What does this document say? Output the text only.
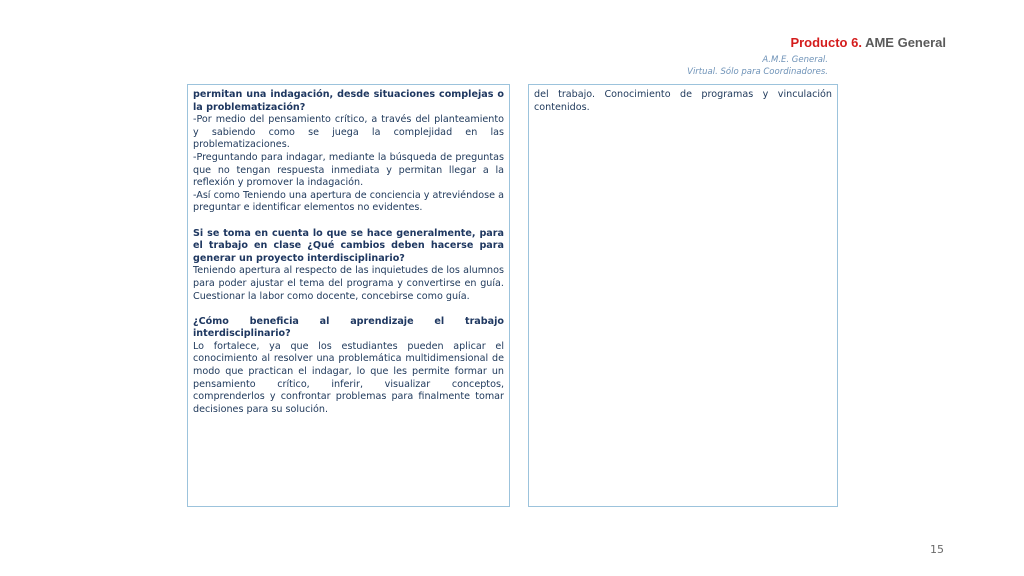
Producto 6. AME General
A.M.E. General.
Virtual. Sólo para Coordinadores.

permitan una indagación, desde situaciones complejas o la problematización?

-Por medio del pensamiento crítico, a través del planteamiento y sabiendo como se juega la complejidad en las problematizaciones.

-Preguntando para indagar, mediante la búsqueda de preguntas que no tengan respuesta inmediata y permitan llegar a la reflexión y promover la indagación.

-Así como Teniendo una apertura de conciencia y atreviéndose a preguntar e identificar elementos no evidentes.

Si se toma en cuenta lo que se hace generalmente, para el trabajo en clase ¿Qué cambios deben hacerse para generar un proyecto interdisciplinario?

Teniendo apertura al respecto de las inquietudes de los alumnos para poder ajustar el tema del programa y convertirse en guía. Cuestionar la labor como docente, concebirse como guía.

¿Cómo beneficia al aprendizaje el trabajo interdisciplinario?

Lo fortalece, ya que los estudiantes pueden aplicar el conocimiento al resolver una problemática multidimensional de modo que practican el indagar, lo que les permite formar un pensamiento crítico, inferir, visualizar conceptos, comprenderlos y confrontar problemas para finalmente tomar decisiones para su solución.

del trabajo. Conocimiento de programas y vinculación contenidos.

15
